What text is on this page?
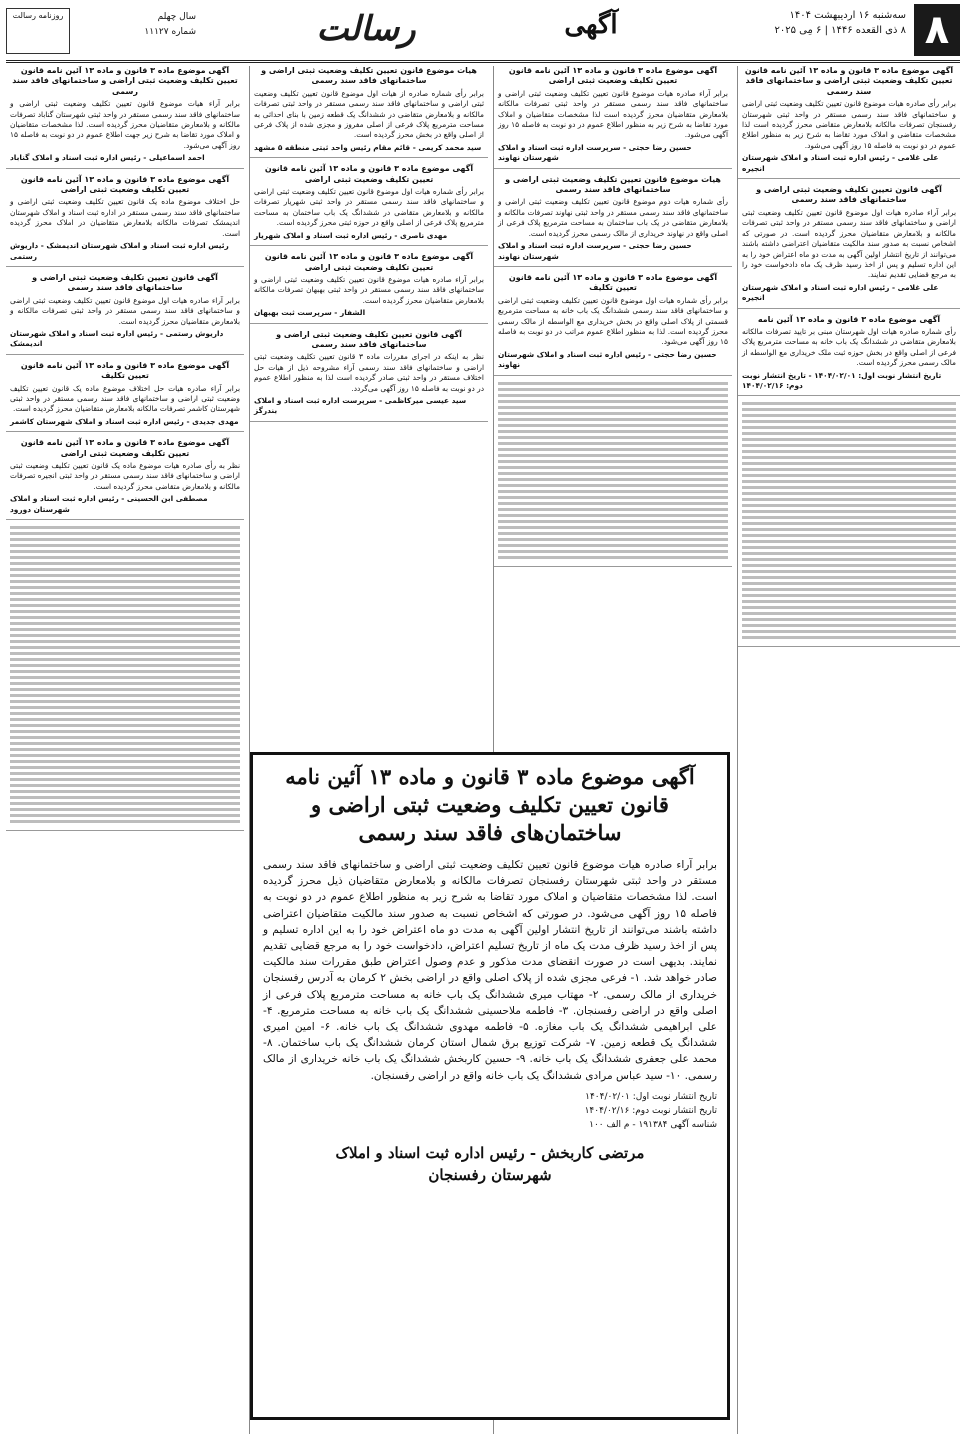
۸
سه‌شنبه ۱۶ اردیبهشت ۱۴۰۴
۸ ذی القعده ۱۴۴۶ | ۶ مِی ۲۰۲۵
آگهی
رسالت
سال چهلم
شماره ۱۱۱۲۷
روزنامه رسالت
آگهی موضوع ماده ۳ قانون و ماده ۱۳ آئین نامه قانون تعیین تکلیف وضعیت ثبتی اراضی و ساختمانهای فاقد سند رسمی
برابر رأی صادره هیات موضوع قانون تعیین تکلیف وضعیت ثبتی اراضی و ساختمانهای فاقد سند رسمی مستقر در واحد ثبتی شهرستان رفسنجان تصرفات مالکانه بلامعارض متقاضی محرز گردیده است لذا مشخصات متقاضی و املاک مورد تقاضا به شرح زیر به منظور اطلاع عموم در دو نوبت به فاصله ۱۵ روز آگهی می‌شود.
علی غلامی - رئیس اداره ثبت اسناد و املاک شهرستان انجیره
آگهی قانون تعیین تکلیف وضعیت ثبتی اراضی و ساختمانهای فاقد سند رسمی
برابر آراء صادره هیات اول موضوع قانون تعیین تکلیف وضعیت ثبتی اراضی و ساختمانهای فاقد سند رسمی مستقر در واحد ثبتی تصرفات مالکانه و بلامعارض متقاضیان محرز گردیده است. در صورتی که اشخاص نسبت به صدور سند مالکیت متقاضیان اعتراضی داشته باشند می‌توانند از تاریخ انتشار اولین آگهی به مدت دو ماه اعتراض خود را به این اداره تسلیم و پس از اخذ رسید ظرف یک ماه دادخواست خود را به مرجع قضایی تقدیم نمایند.
علی غلامی - رئیس اداره ثبت اسناد و املاک شهرستان انجیره
آگهی موضوع ماده ۳ قانون و ماده ۱۳ آئین نامه
رأی شماره صادره هیات اول شهرستان مبنی بر تایید تصرفات مالکانه بلامعارض متقاضی در ششدانگ یک باب خانه به مساحت مترمربع پلاک فرعی از اصلی واقع در بخش حوزه ثبت ملک خریداری مع الواسطه از مالک رسمی محرز گردیده است.
تاریخ انتشار نوبت اول: ۱۴۰۴/۰۲/۰۱ - تاریخ انتشار نوبت دوم: ۱۴۰۴/۰۲/۱۶
آگهی موضوع ماده ۳ قانون و ماده ۱۳ آئین نامه قانون تعیین تکلیف وضعیت ثبتی اراضی
برابر آراء صادره هیات موضوع قانون تعیین تکلیف وضعیت ثبتی اراضی و ساختمانهای فاقد سند رسمی مستقر در واحد ثبتی تصرفات مالکانه بلامعارض متقاضیان محرز گردیده است لذا مشخصات متقاضیان و املاک مورد تقاضا به شرح زیر به منظور اطلاع عموم در دو نوبت به فاصله ۱۵ روز آگهی می‌شود.
حسین رضا حجتی - سرپرست اداره ثبت اسناد و املاک شهرستان نهاوند
هیات موضوع قانون تعیین تکلیف وضعیت ثبتی اراضی و ساختمانهای فاقد سند رسمی
رأی شماره هیات دوم موضوع قانون تعیین تکلیف وضعیت ثبتی اراضی و ساختمانهای فاقد سند رسمی مستقر در واحد ثبتی نهاوند تصرفات مالکانه و بلامعارض متقاضی در یک باب ساختمان به مساحت مترمربع پلاک فرعی از اصلی واقع در نهاوند خریداری از مالک رسمی محرز گردیده است.
حسین رضا حجتی - سرپرست اداره ثبت اسناد و املاک شهرستان نهاوند
آگهی موضوع ماده ۳ قانون و ماده ۱۳ آئین نامه قانون تعیین تکلیف
برابر رأی شماره هیات اول موضوع قانون تعیین تکلیف وضعیت ثبتی اراضی و ساختمانهای فاقد سند رسمی ششدانگ یک باب خانه به مساحت مترمربع قسمتی از پلاک اصلی واقع در بخش خریداری مع الواسطه از مالک رسمی محرز گردیده است. لذا به منظور اطلاع عموم مراتب در دو نوبت به فاصله ۱۵ روز آگهی می‌شود.
حسین رضا حجتی - رئیس اداره ثبت اسناد و املاک شهرستان نهاوند
هیات موضوع قانون تعیین تکلیف وضعیت ثبتی اراضی و ساختمانهای فاقد سند رسمی
برابر رأی شماره صادره از هیات اول موضوع قانون تعیین تکلیف وضعیت ثبتی اراضی و ساختمانهای فاقد سند رسمی مستقر در واحد ثبتی تصرفات مالکانه و بلامعارض متقاضی در ششدانگ یک قطعه زمین با بنای احداثی به مساحت مترمربع پلاک فرعی از اصلی مفروز و مجزی شده از پلاک فرعی از اصلی واقع در بخش محرز گردیده است.
سید محمد کریمی - قائم مقام رئیس واحد ثبتی منطقه ۵ مشهد
آگهی موضوع ماده ۳ قانون و ماده ۱۳ آئین نامه قانون تعیین تکلیف وضعیت ثبتی اراضی
برابر رأی شماره هیات اول موضوع قانون تعیین تکلیف وضعیت ثبتی اراضی و ساختمانهای فاقد سند رسمی مستقر در واحد ثبتی شهریار تصرفات مالکانه و بلامعارض متقاضی در ششدانگ یک باب ساختمان به مساحت مترمربع پلاک فرعی از اصلی واقع در حوزه ثبتی محرز گردیده است.
مهدی ناصری - رئیس اداره ثبت اسناد و املاک شهریار
آگهی موضوع ماده ۳ قانون و ماده ۱۳ آئین نامه قانون تعیین تکلیف وضعیت ثبتی اراضی
برابر آراء صادره هیات موضوع قانون تعیین تکلیف وضعیت ثبتی اراضی و ساختمانهای فاقد سند رسمی مستقر در واحد ثبتی بهبهان تصرفات مالکانه بلامعارض متقاضیان محرز گردیده است.
الشفار - سرپرست ثبت بهبهان
آگهی قانون تعیین تکلیف وضعیت ثبتی اراضی و ساختمانهای فاقد سند رسمی
نظر به اینکه در اجرای مقررات ماده ۳ قانون تعیین تکلیف وضعیت ثبتی اراضی و ساختمانهای فاقد سند رسمی آراء مشروحه ذیل از هیات حل اختلاف مستقر در واحد ثبتی صادر گردیده است لذا به منظور اطلاع عموم در دو نوبت به فاصله ۱۵ روز آگهی می‌گردد.
سید عیسی میرکاظمی - سرپرست اداره ثبت اسناد و املاک بندرگز
آگهی موضوع ماده ۳ قانون و ماده ۱۳ آئین نامه قانون تعیین تکلیف وضعیت ثبتی اراضی و ساختمانهای فاقد سند رسمی
برابر آراء هیات موضوع قانون تعیین تکلیف وضعیت ثبتی اراضی و ساختمانهای فاقد سند رسمی مستقر در واحد ثبتی شهرستان گناباد تصرفات مالکانه و بلامعارض متقاضیان محرز گردیده است. لذا مشخصات متقاضیان و املاک مورد تقاضا به شرح زیر جهت اطلاع عموم در دو نوبت به فاصله ۱۵ روز آگهی می‌شود.
احمد اسماعیلی - رئیس اداره ثبت اسناد و املاک گناباد
آگهی موضوع ماده ۳ قانون و ماده ۱۳ آئین نامه قانون تعیین تکلیف وضعیت ثبتی اراضی
حل اختلاف موضوع ماده یک قانون تعیین تکلیف وضعیت ثبتی اراضی و ساختمانهای فاقد سند رسمی مستقر در اداره ثبت اسناد و املاک شهرستان اندیمشک تصرفات مالکانه بلامعارض متقاضیان در املاک محرز گردیده است.
رئیس اداره ثبت اسناد و املاک شهرستان اندیمشک - داریوش رستمی
آگهی قانون تعیین تکلیف وضعیت ثبتی اراضی و ساختمانهای فاقد سند رسمی
برابر آراء صادره هیات اول موضوع قانون تعیین تکلیف وضعیت ثبتی اراضی و ساختمانهای فاقد سند رسمی مستقر در واحد ثبتی تصرفات مالکانه و بلامعارض متقاضیان محرز گردیده است.
داریوش رستمی - رئیس اداره ثبت اسناد و املاک شهرستان اندیمشک
آگهی موضوع ماده ۳ قانون و ماده ۱۳ آئین نامه قانون تعیین تکلیف
برابر آراء صادره هیات حل اختلاف موضوع ماده یک قانون تعیین تکلیف وضعیت ثبتی اراضی و ساختمانهای فاقد سند رسمی مستقر در واحد ثبتی شهرستان کاشمر تصرفات مالکانه بلامعارض متقاضیان محرز گردیده است.
مهدی جدیدی - رئیس اداره ثبت اسناد و املاک شهرستان کاشمر
آگهی موضوع ماده ۳ قانون و ماده ۱۳ آئین نامه قانون تعیین تکلیف وضعیت ثبتی اراضی
نظر به رأی صادره هیات موضوع ماده یک قانون تعیین تکلیف وضعیت ثبتی اراضی و ساختمانهای فاقد سند رسمی مستقر در واحد ثبتی انجیره تصرفات مالکانه و بلامعارض متقاضی محرز گردیده است.
مصطفی ابن الحسینی - رئیس اداره ثبت اسناد و املاک شهرستان دورود
آگهی موضوع ماده ۳ قانون و ماده ۱۳ آئین نامه قانون تعیین تکلیف وضعیت ثبتی اراضی و ساختمان‌های فاقد سند رسمی
برابر آراء صادره هیات موضوع قانون تعیین تکلیف وضعیت ثبتی اراضی و ساختمانهای فاقد سند رسمی مستقر در واحد ثبتی شهرستان رفسنجان تصرفات مالکانه و بلامعارض متقاضیان ذیل محرز گردیده است. لذا مشخصات متقاضیان و املاک مورد تقاضا به شرح زیر به منظور اطلاع عموم در دو نوبت به فاصله ۱۵ روز آگهی می‌شود. در صورتی که اشخاص نسبت به صدور سند مالکیت متقاضیان اعتراضی داشته باشند می‌توانند از تاریخ انتشار اولین آگهی به مدت دو ماه اعتراض خود را به این اداره تسلیم و پس از اخذ رسید ظرف مدت یک ماه از تاریخ تسلیم اعتراض، دادخواست خود را به مرجع قضایی تقدیم نمایند. بدیهی است در صورت انقضای مدت مذکور و عدم وصول اعتراض طبق مقررات سند مالکیت صادر خواهد شد. ۱- فرعی مجزی شده از پلاک اصلی واقع در اراضی بخش ۲ کرمان به آدرس رفسنجان خریداری از مالک رسمی. ۲- مهتاب میری ششدانگ یک باب خانه به مساحت مترمربع پلاک فرعی از اصلی واقع در اراضی رفسنجان. ۳- فاطمه ملاحسینی ششدانگ یک باب خانه به مساحت مترمربع. ۴- علی ابراهیمی ششدانگ یک باب مغازه. ۵- فاطمه مهدوی ششدانگ یک باب خانه. ۶- امین امیری ششدانگ یک قطعه زمین. ۷- شرکت توزیع برق شمال استان کرمان ششدانگ یک باب ساختمان. ۸- محمد علی جعفری ششدانگ یک باب خانه. ۹- حسین کاربخش ششدانگ یک باب خانه خریداری از مالک رسمی. ۱۰- سید عباس مرادی ششدانگ یک باب خانه واقع در اراضی رفسنجان.
تاریخ انتشار نوبت اول: ۱۴۰۴/۰۲/۰۱
تاریخ انتشار نوبت دوم: ۱۴۰۴/۰۲/۱۶
شناسه آگهی ۱۹۱۳۸۴ - م الف ۱۰۰
مرتضی کاربخش - رئیس اداره ثبت اسناد و املاک
شهرستان رفسنجان
